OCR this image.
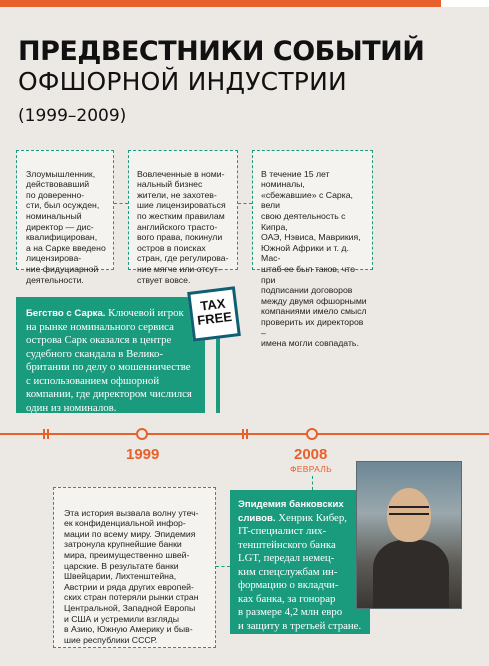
ПРЕДВЕСТНИКИ СОБЫТИЙ
ОФШОРНОЙ ИНДУСТРИИ
(1999–2009)

Злоумышленник,
действовавший
по доверенно-
сти, был осужден,
номинальный
директор — дис-
квалифицирован,
а на Сарке введено
лицензирова-
ние фидуциарной
деятельности.

Вовлеченные в номи-
нальный бизнес
жители, не захотев-
шие лицензироваться
по жестким правилам
английского трасто-
вого права, покинули
остров в поисках
стран, где регулирова-
ние мягче или отсут-
ствует вовсе.

В течение 15 лет номиналы,
«сбежавшие» с Сарка, вели
свою деятельность с Кипра,
ОАЭ, Нэвиса, Маврикия,
Южной Африки и т. д. Мас-
штаб ее был таков, что при
подписании договоров
между двумя офшорными
компаниями имело смысл
проверить их директоров –
имена могли совпадать.

Бегство с Сарка. Ключевой игрок
на рынке номинального сервиса
острова Сарк оказался в центре
судебного скандала в Велико-
британии по делу о мошенничестве
с использованием офшорной
компании, где директором числился
один из номиналов.
TAX
FREE
1999	2008
ФЕВРАЛЬ

Эта история вызвала волну утеч-
ек конфиденциальной инфор-
мации по всему миру. Эпидемия
затронула крупнейшие банки
мира, преимущественно швей-
царские. В результате банки
Швейцарии, Лихтенштейна,
Австрии и ряда других европей-
ских стран потеряли рынки стран
Центральной, Западной Европы
и США и устремили взгляды
в Азию, Южную Америку и быв-
шие республики СССР.

Эпидемия банковских
сливов. Хенрик Кибер,
IT-специалист лих-
тенштейнского банка
LGT, передал немец-
ким спецслужбам ин-
формацию о вкладчи-
ках банка, за гонорар
в размере 4,2 млн евро
и защиту в третьей стране.
